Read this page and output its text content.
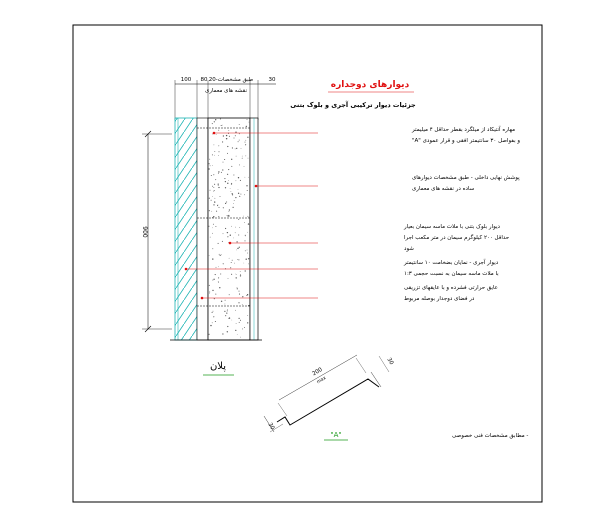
دیوارهای دوجداره
جزئیات دیوار ترکیبی آجری و بلوک بتنی
100 80 طبق مشخصات-20	30
نقشه های معماری
900
مهاره آنتیکاد از میلگرد بقطر حداقل ۴ میلیمتر
و بفواصل ۳۰ سانتیمتر افقی و قرار عمودی "A"
پوشش نهایی داخلی - طبق مشخصات دیوارهای
ساده در نقشه های معماری
دیوار بلوک بتنی با ملات ماسه سیمان بعیار
حداقل ۲۰۰ کیلوگرم سیمان در متر مکعب اجرا
شود
دیوار آجری - نمایان بضخامت ۱۰ سانتیمتر
با ملات ماسه سیمان به نسبت حجمی ۱:۳
عایق حرارتی فشرده و با عایقهای تزریقی
در فضای دوجدار بوصله مربوط
پلان
200
max
30
30
"A"	- مطابق مشخصات فنی خصوصی
